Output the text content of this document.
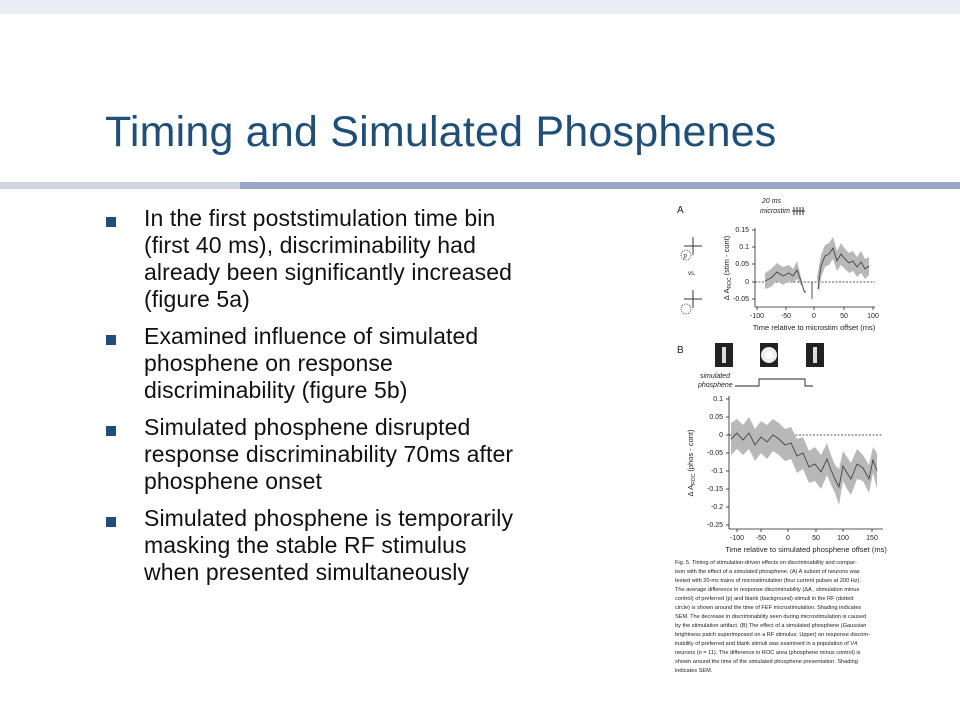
Timing and Simulated Phosphenes
In the first poststimulation time bin
(first 40 ms), discriminability had
already been significantly increased
(figure 5a)
Examined influence of simulated
phosphene on response
discriminability (figure 5b)
Simulated phosphene disrupted
response discriminability 70ms after
phosphene onset
Simulated phosphene is temporarily
masking the stable RF stimulus
when presented simultaneously
A
p
vs.
20 ms
microstim
0.15
0.1
0.05
0
-0.05
-100 -50	0	50	100
Time relative to microstim offset (ms)
Δ $A_{ROC}$ (stim - cont)
B
simulated
phosphene
0.1
0.05
0
-0.05
-0.1
-0.15
-0.2
-0.25
-100 -50	0	50 100 150
Time relative to simulated phosphene offset (ms)
Δ $A_{ROC}$ (phos - cont)
Fig. 5. Timing of stimulation-driven effects on discriminability and compar-
ison with the effect of a simulated phosphene. (A) A subset of neurons was
tested with 20-ms trains of microstimulation (four current pulses at 200 Hz).
The average difference in response discriminability (ΔA , stimulation minus
control) of preferred (p) and blank (background) stimuli in the RF (dotted
circle) is shown around the time of FEF microstimulation. Shading indicates
SEM. The decrease in discriminability seen during microstimulation is caused
by the stimulation artifact. (B) The effect of a simulated phosphene (Gaussian
brightness patch superimposed on a RF stimulus; Upper) on response discrim-
inability of preferred and blank stimuli was examined in a population of V4
neurons (n = 11). The difference in ROC area (phosphene minus control) is
shown around the time of the simulated phosphene presentation. Shading
indicates SEM.
